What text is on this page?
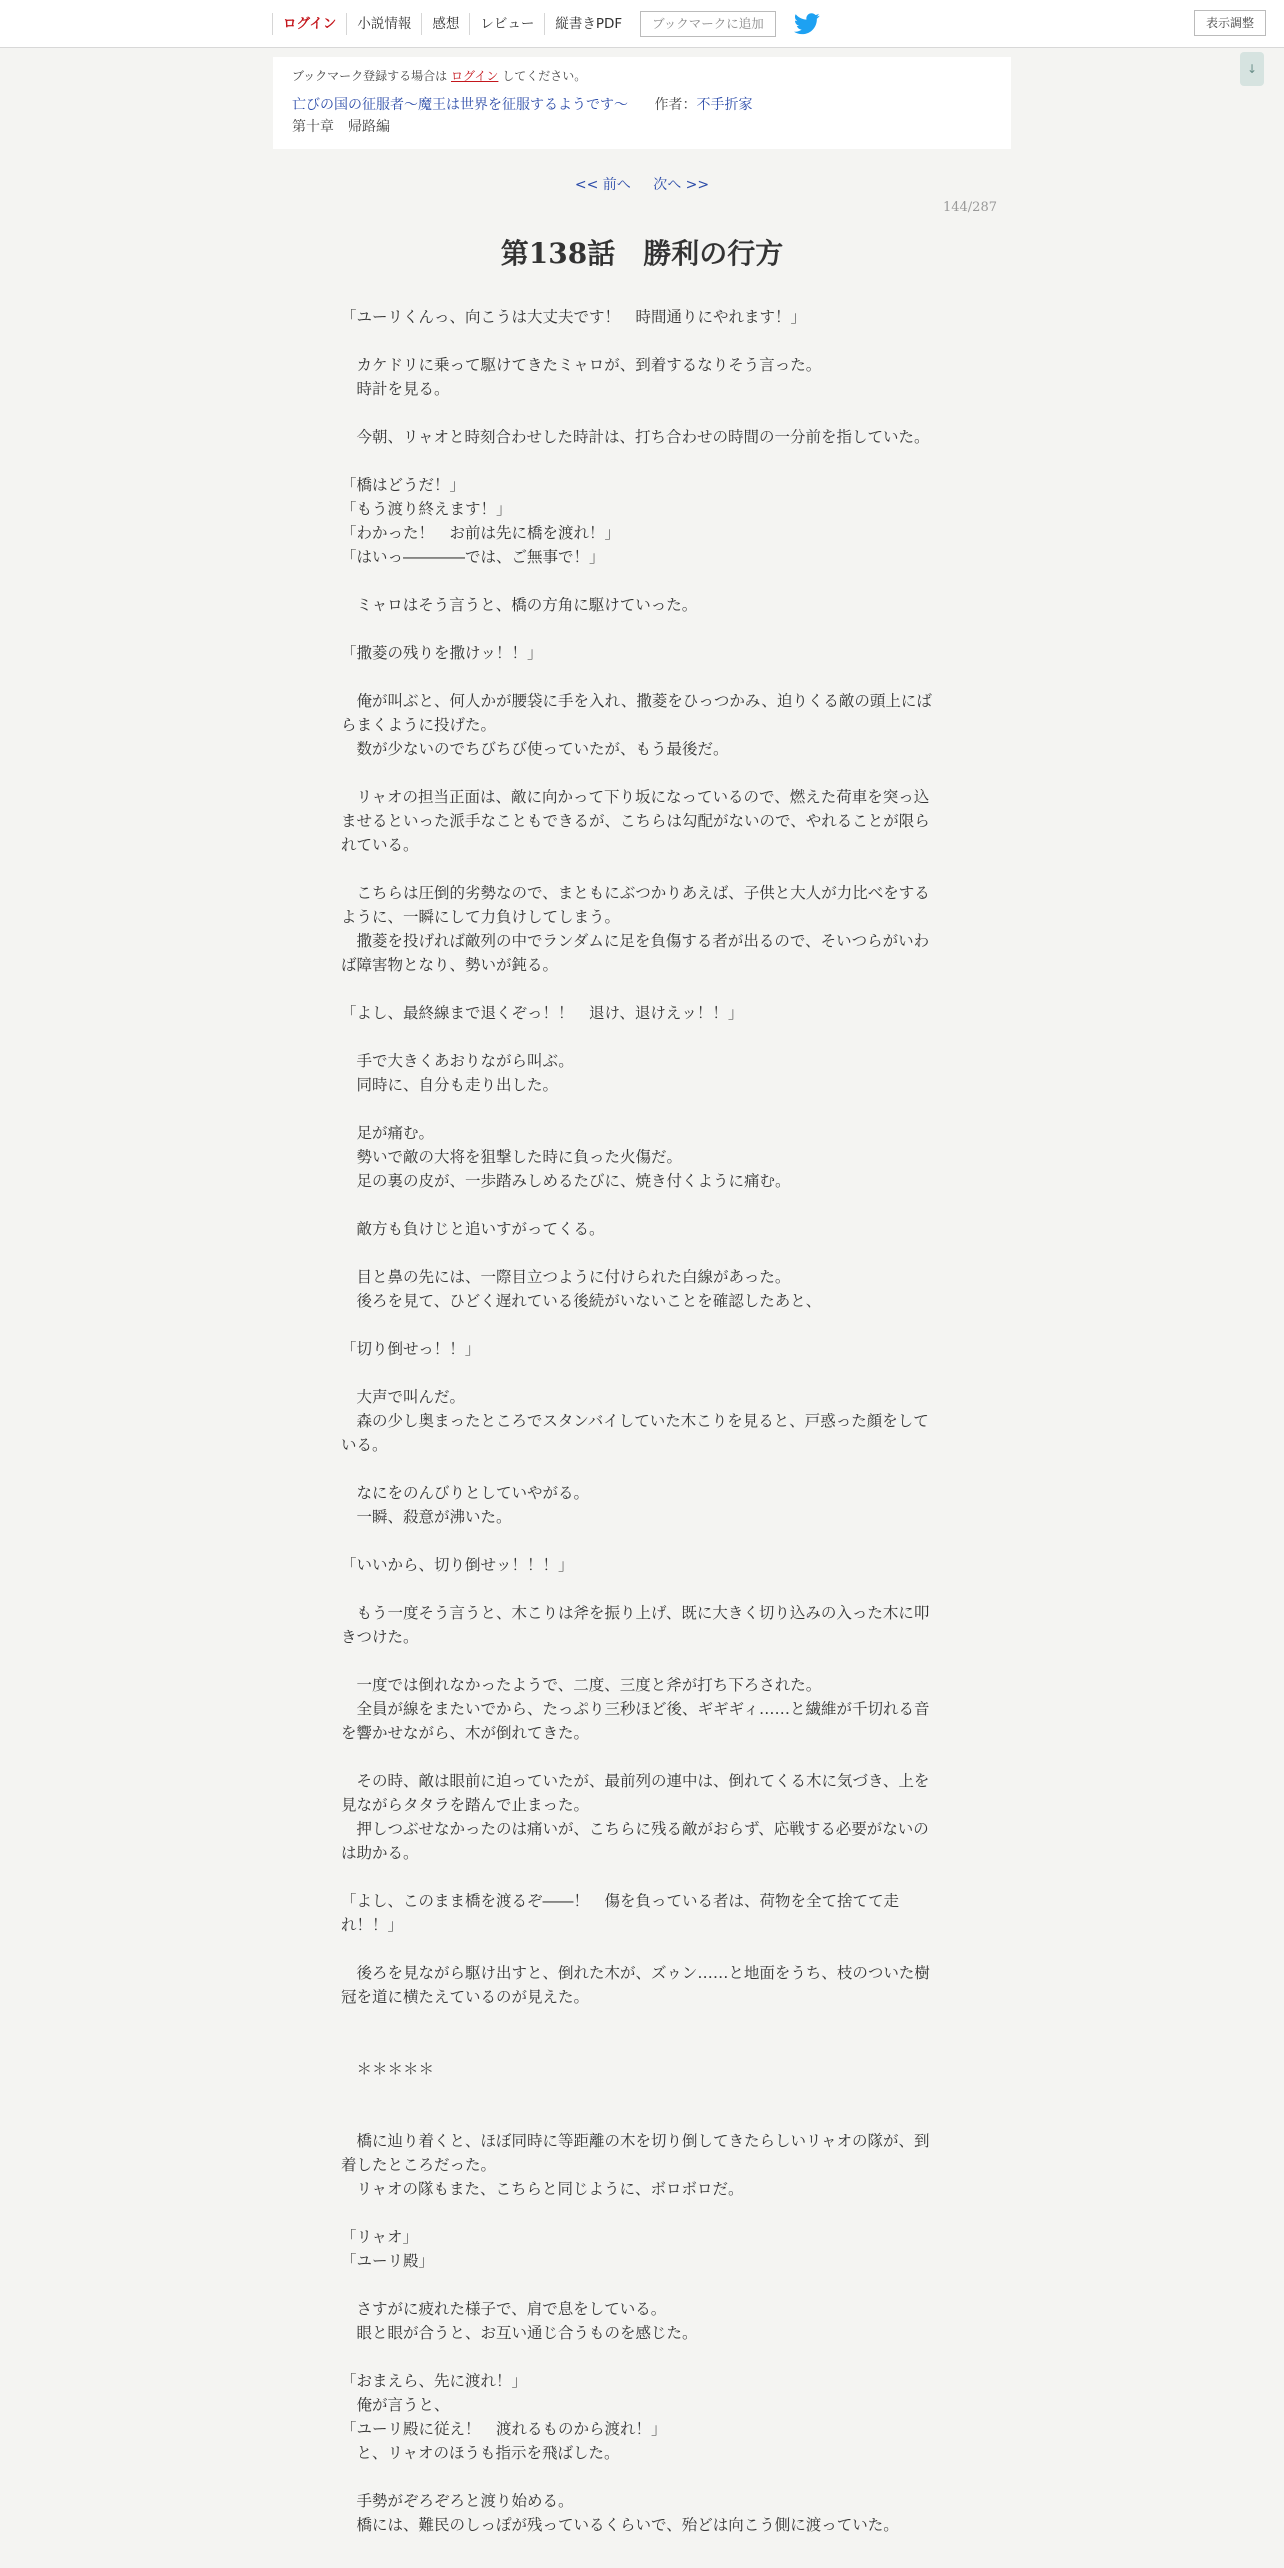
ログイン	小説情報	感想	レビュー	縦書きPDF	ブックマークに追加	表示調整
↓
ブックマーク登録する場合は ログイン してください。
亡びの国の征服者～魔王は世界を征服するようです～ 作者：不手折家
第十章　帰路編
<< 前へ 次へ >>
144/287
第138話　勝利の行方

「ユーリくんっ、向こうは大丈夫です！　時間通りにやれます！」

　カケドリに乗って駆けてきたミャロが、到着するなりそう言った。

　時計を見る。

　今朝、リャオと時刻合わせした時計は、打ち合わせの時間の一分前を指していた。

「橋はどうだ！」

「もう渡り終えます！」

「わかった！　お前は先に橋を渡れ！」

「はいっ――――では、ご無事で！」

　ミャロはそう言うと、橋の方角に駆けていった。

「撒菱の残りを撒けッ！！」

　俺が叫ぶと、何人かが腰袋に手を入れ、撒菱をひっつかみ、迫りくる敵の頭上にばらまくように投げた。

　数が少ないのでちびちび使っていたが、もう最後だ。

　リャオの担当正面は、敵に向かって下り坂になっているので、燃えた荷車を突っ込ませるといった派手なこともできるが、こちらは勾配がないので、やれることが限られている。

　こちらは圧倒的劣勢なので、まともにぶつかりあえば、子供と大人が力比べをするように、一瞬にして力負けしてしまう。

　撒菱を投げれば敵列の中でランダムに足を負傷する者が出るので、そいつらがいわば障害物となり、勢いが鈍る。

「よし、最終線まで退くぞっ！！　退け、退けえッ！！」

　手で大きくあおりながら叫ぶ。

　同時に、自分も走り出した。

　足が痛む。

　勢いで敵の大将を狙撃した時に負った火傷だ。

　足の裏の皮が、一歩踏みしめるたびに、焼き付くように痛む。

　敵方も負けじと追いすがってくる。

　目と鼻の先には、一際目立つように付けられた白線があった。

　後ろを見て、ひどく遅れている後続がいないことを確認したあと、

「切り倒せっ！！」

　大声で叫んだ。

　森の少し奥まったところでスタンバイしていた木こりを見ると、戸惑った顔をしている。

　なにをのんびりとしていやがる。

　一瞬、殺意が沸いた。

「いいから、切り倒せッ！！！」

　もう一度そう言うと、木こりは斧を振り上げ、既に大きく切り込みの入った木に叩きつけた。

　一度では倒れなかったようで、二度、三度と斧が打ち下ろされた。

　全員が線をまたいでから、たっぷり三秒ほど後、ギギギィ……と繊維が千切れる音を響かせながら、木が倒れてきた。

　その時、敵は眼前に迫っていたが、最前列の連中は、倒れてくる木に気づき、上を見ながらタタラを踏んで止まった。

　押しつぶせなかったのは痛いが、こちらに残る敵がおらず、応戦する必要がないのは助かる。

「よし、このまま橋を渡るぞ――！　傷を負っている者は、荷物を全て捨てて走れ！！」

　後ろを見ながら駆け出すと、倒れた木が、ズゥン……と地面をうち、枝のついた樹冠を道に横たえているのが見えた。

　＊＊＊＊＊

　橋に辿り着くと、ほぼ同時に等距離の木を切り倒してきたらしいリャオの隊が、到着したところだった。

　リャオの隊もまた、こちらと同じように、ボロボロだ。

「リャオ」

「ユーリ殿」

　さすがに疲れた様子で、肩で息をしている。

　眼と眼が合うと、お互い通じ合うものを感じた。

「おまえら、先に渡れ！」

　俺が言うと、

「ユーリ殿に従え！　渡れるものから渡れ！」

　と、リャオのほうも指示を飛ばした。

　手勢がぞろぞろと渡り始める。

　橋には、難民のしっぽが残っているくらいで、殆どは向こう側に渡っていた。
